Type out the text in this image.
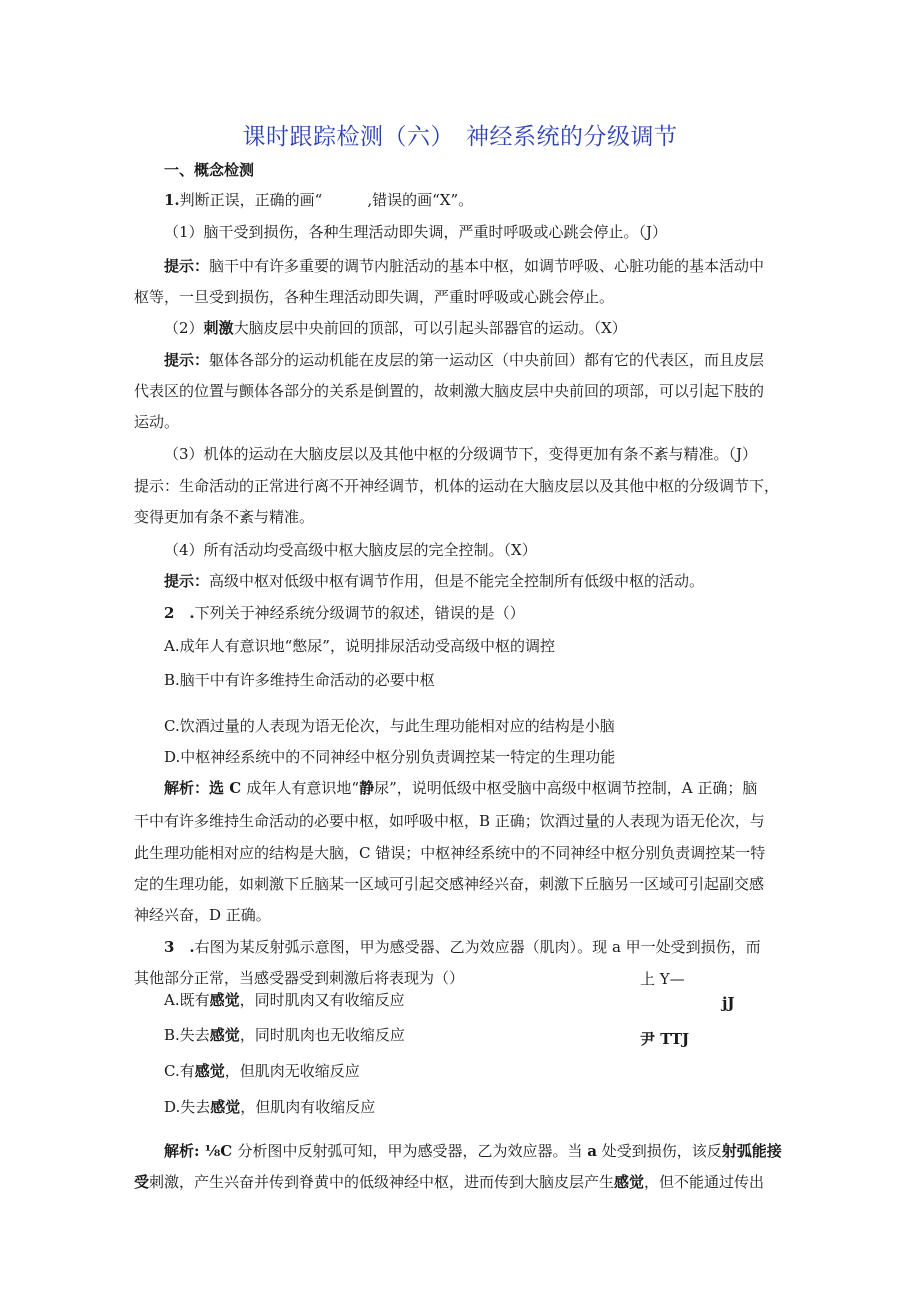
课时跟踪检测（六）　神经系统的分级调节
一、概念检测
1.判断正误，正确的画“　　　,错误的画“X”。
（1）脑干受到损伤，各种生理活动即失调，严重时呼吸或心跳会停止。（J）
提示：脑干中有许多重要的调节内脏活动的基本中枢，如调节呼吸、心脏功能的基本活动中
枢等，一旦受到损伤，各种生理活动即失调，严重时呼吸或心跳会停止。
（2）刺激大脑皮层中央前回的顶部，可以引起头部器官的运动。（X）
提示：躯体各部分的运动机能在皮层的第一运动区（中央前回）都有它的代表区，而且皮层
代表区的位置与颤体各部分的关系是倒置的，故刺激大脑皮层中央前回的项部，可以引起下肢的
运动。
（3）机体的运动在大脑皮层以及其他中枢的分级调节下，变得更加有条不紊与精准。（J）
提示：生命活动的正常进行离不开神经调节，机体的运动在大脑皮层以及其他中枢的分级调节下，
变得更加有条不紊与精准。
（4）所有活动均受高级中枢大脑皮层的完全控制。（X）
提示：高级中枢对低级中枢有调节作用，但是不能完全控制所有低级中枢的活动。
2　.下列关于神经系统分级调节的叙述，错误的是（）
A.成年人有意识地“憋尿”，说明排尿活动受高级中枢的调控
B.脑干中有许多维持生命活动的必要中枢
C.饮酒过量的人表现为语无伦次，与此生理功能相对应的结构是小脑
D.中枢神经系统中的不同神经中枢分别负责调控某一特定的生理功能
解析：选 C 成年人有意识地“静尿”，说明低级中枢受脑中高级中枢调节控制，A 正确；脑
干中有许多维持生命活动的必要中枢，如呼吸中枢，B 正确；饮酒过量的人表现为语无伦次，与
此生理功能相对应的结构是大脑，C 错误；中枢神经系统中的不同神经中枢分别负责调控某一特
定的生理功能，如刺激下丘脑某一区域可引起交感神经兴奋，刺激下丘脑另一区域可引起副交感
神经兴奋，D 正确。
3　.右图为某反射弧示意图，甲为感受器、乙为效应器（肌肉）。现 a 甲一处受到损伤，而
其他部分正常，当感受器受到刺激后将表现为（）	上 Y—
jJ
尹 TTJ
A.既有感觉，同时肌肉又有收缩反应
B.失去感觉，同时肌肉也无收缩反应
C.有感觉，但肌肉无收缩反应
D.失去感觉，但肌肉有收缩反应
解析: ⅛C 分析图中反射弧可知，甲为感受器，乙为效应器。当 a 处受到损伤，该反射弧能接
受刺激，产生兴奋并传到脊黄中的低级神经中枢，进而传到大脑皮层产生感觉，但不能通过传出
